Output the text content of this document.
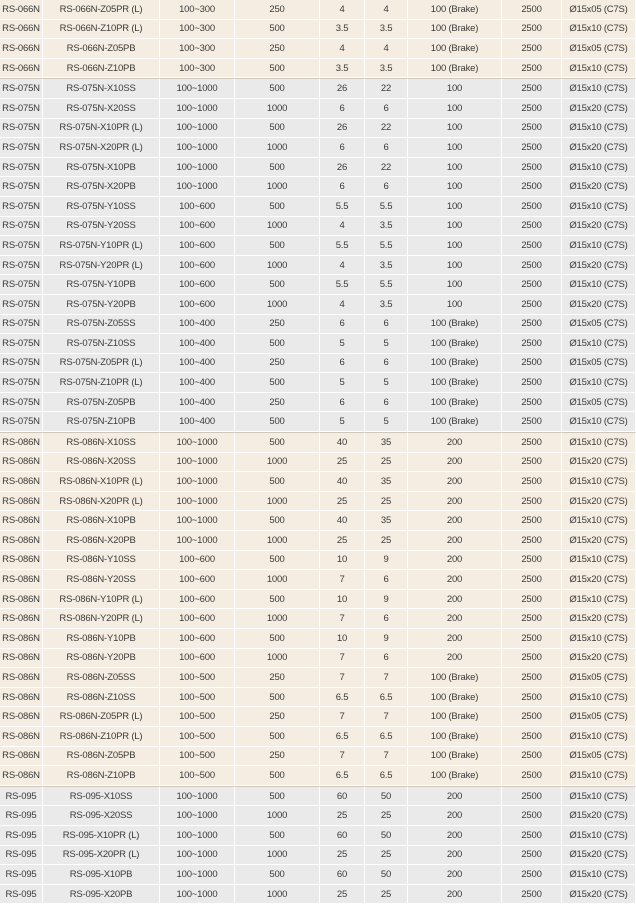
RS-066N	RS-066N-Z05PR (L)	100~300	250	4	4	100 (Brake)	2500	Ø15x05 (C7S)	
RS-066N	RS-066N-Z10PR (L)	100~300	500	3.5	3.5	100 (Brake)	2500	Ø15x10 (C7S)	
RS-066N	RS-066N-Z05PB	100~300	250	4	4	100 (Brake)	2500	Ø15x05 (C7S)	
RS-066N	RS-066N-Z10PB	100~300	500	3.5	3.5	100 (Brake)	2500	Ø15x10 (C7S)	
RS-075N	RS-075N-X10SS	100~1000	500	26	22	100	2500	Ø15x10 (C7S)	
RS-075N	RS-075N-X20SS	100~1000	1000	6	6	100	2500	Ø15x20 (C7S)	
RS-075N	RS-075N-X10PR (L)	100~1000	500	26	22	100	2500	Ø15x10 (C7S)	
RS-075N	RS-075N-X20PR (L)	100~1000	1000	6	6	100	2500	Ø15x20 (C7S)	
RS-075N	RS-075N-X10PB	100~1000	500	26	22	100	2500	Ø15x10 (C7S)	
RS-075N	RS-075N-X20PB	100~1000	1000	6	6	100	2500	Ø15x20 (C7S)	
RS-075N	RS-075N-Y10SS	100~600	500	5.5	5.5	100	2500	Ø15x10 (C7S)	
RS-075N	RS-075N-Y20SS	100~600	1000	4	3.5	100	2500	Ø15x20 (C7S)	
RS-075N	RS-075N-Y10PR (L)	100~600	500	5.5	5.5	100	2500	Ø15x10 (C7S)	
RS-075N	RS-075N-Y20PR (L)	100~600	1000	4	3.5	100	2500	Ø15x20 (C7S)	
RS-075N	RS-075N-Y10PB	100~600	500	5.5	5.5	100	2500	Ø15x10 (C7S)	
RS-075N	RS-075N-Y20PB	100~600	1000	4	3.5	100	2500	Ø15x20 (C7S)	
RS-075N	RS-075N-Z05SS	100~400	250	6	6	100 (Brake)	2500	Ø15x05 (C7S)	
RS-075N	RS-075N-Z10SS	100~400	500	5	5	100 (Brake)	2500	Ø15x10 (C7S)	
RS-075N	RS-075N-Z05PR (L)	100~400	250	6	6	100 (Brake)	2500	Ø15x05 (C7S)	
RS-075N	RS-075N-Z10PR (L)	100~400	500	5	5	100 (Brake)	2500	Ø15x10 (C7S)	
RS-075N	RS-075N-Z05PB	100~400	250	6	6	100 (Brake)	2500	Ø15x05 (C7S)	
RS-075N	RS-075N-Z10PB	100~400	500	5	5	100 (Brake)	2500	Ø15x10 (C7S)	
RS-086N	RS-086N-X10SS	100~1000	500	40	35	200	2500	Ø15x10 (C7S)	
RS-086N	RS-086N-X20SS	100~1000	1000	25	25	200	2500	Ø15x20 (C7S)	
RS-086N	RS-086N-X10PR (L)	100~1000	500	40	35	200	2500	Ø15x10 (C7S)	
RS-086N	RS-086N-X20PR (L)	100~1000	1000	25	25	200	2500	Ø15x20 (C7S)	
RS-086N	RS-086N-X10PB	100~1000	500	40	35	200	2500	Ø15x10 (C7S)	
RS-086N	RS-086N-X20PB	100~1000	1000	25	25	200	2500	Ø15x20 (C7S)	
RS-086N	RS-086N-Y10SS	100~600	500	10	9	200	2500	Ø15x10 (C7S)	
RS-086N	RS-086N-Y20SS	100~600	1000	7	6	200	2500	Ø15x20 (C7S)	
RS-086N	RS-086N-Y10PR (L)	100~600	500	10	9	200	2500	Ø15x10 (C7S)	
RS-086N	RS-086N-Y20PR (L)	100~600	1000	7	6	200	2500	Ø15x20 (C7S)	
RS-086N	RS-086N-Y10PB	100~600	500	10	9	200	2500	Ø15x10 (C7S)	
RS-086N	RS-086N-Y20PB	100~600	1000	7	6	200	2500	Ø15x20 (C7S)	
RS-086N	RS-086N-Z05SS	100~500	250	7	7	100 (Brake)	2500	Ø15x05 (C7S)	
RS-086N	RS-086N-Z10SS	100~500	500	6.5	6.5	100 (Brake)	2500	Ø15x10 (C7S)	
RS-086N	RS-086N-Z05PR (L)	100~500	250	7	7	100 (Brake)	2500	Ø15x05 (C7S)	
RS-086N	RS-086N-Z10PR (L)	100~500	500	6.5	6.5	100 (Brake)	2500	Ø15x10 (C7S)	
RS-086N	RS-086N-Z05PB	100~500	250	7	7	100 (Brake)	2500	Ø15x05 (C7S)	
RS-086N	RS-086N-Z10PB	100~500	500	6.5	6.5	100 (Brake)	2500	Ø15x10 (C7S)	
RS-095	RS-095-X10SS	100~1000	500	60	50	200	2500	Ø15x10 (C7S)	
RS-095	RS-095-X20SS	100~1000	1000	25	25	200	2500	Ø15x20 (C7S)	
RS-095	RS-095-X10PR (L)	100~1000	500	60	50	200	2500	Ø15x10 (C7S)	
RS-095	RS-095-X20PR (L)	100~1000	1000	25	25	200	2500	Ø15x20 (C7S)	
RS-095	RS-095-X10PB	100~1000	500	60	50	200	2500	Ø15x10 (C7S)	
RS-095	RS-095-X20PB	100~1000	1000	25	25	200	2500	Ø15x20 (C7S)	
